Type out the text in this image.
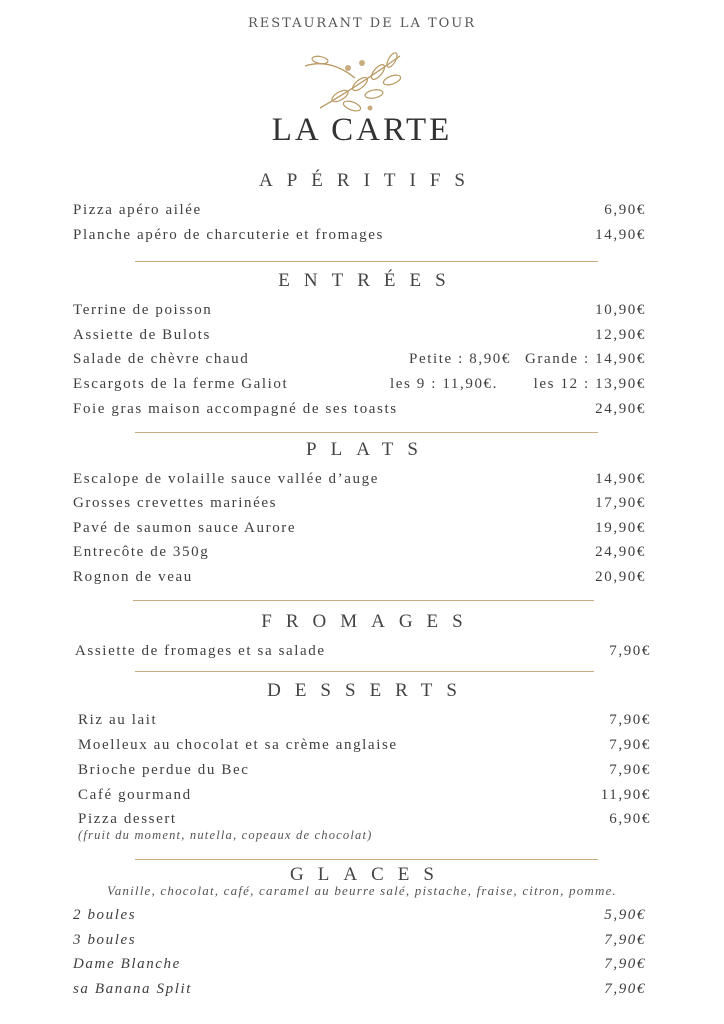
RESTAURANT DE LA TOUR
LA CARTE
APÉRITIFS
Pizza apéro ailée	6,90€
Planche apéro de charcuterie et fromages	14,90€
ENTRÉES
Terrine de poisson	10,90€
Assiette de Bulots	12,90€
Salade de chèvre chaud	Petite : 8,90€ Grande : 14,90€
Escargots de la ferme Galiot	les 9 : 11,90€. les 12 : 13,90€
Foie gras maison accompagné de ses toasts	24,90€
PLATS
Escalope de volaille sauce vallée d’auge	14,90€
Grosses crevettes marinées	17,90€
Pavé de saumon sauce Aurore	19,90€
Entrecôte de 350g	24,90€
Rognon de veau	20,90€
FROMAGES
Assiette de fromages et sa salade	7,90€
DESSERTS
Riz au lait	7,90€
Moelleux au chocolat et sa crème anglaise	7,90€
Brioche perdue du Bec	7,90€
Café gourmand	11,90€
Pizza dessert	6,90€
(fruit du moment, nutella, copeaux de chocolat)
GLACES
Vanille, chocolat, café, caramel au beurre salé, pistache, fraise, citron, pomme.
2 boules	5,90€
3 boules	7,90€
Dame Blanche	7,90€
sa Banana Split	7,90€
